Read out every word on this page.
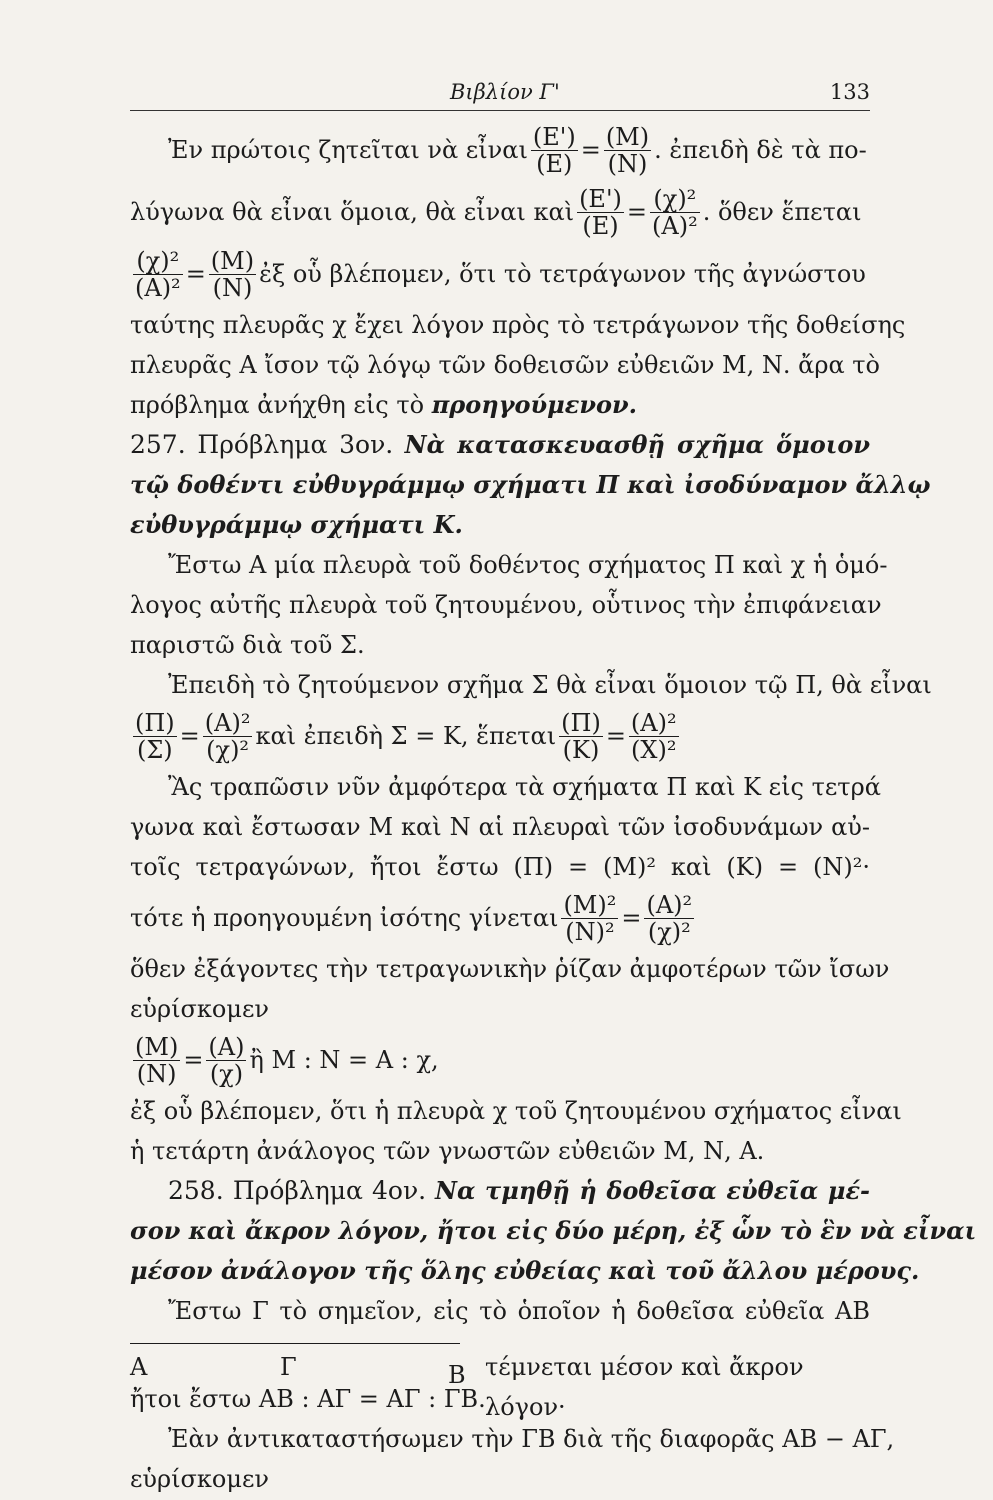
Βιβλίον Γ'	133
Ἐν πρώτοις ζητεῖται νὰ εἶναι $\frac{(E')}{(E)} = \frac{(M)}{(N)}$ . ἐπειδὴ δὲ τὰ πο-
λύγωνα θὰ εἶναι ὅμοια, θὰ εἶναι καὶ $\frac{(E')}{(E)} = \frac{\text{(χ)²}}{\text{(Α)²}}$ . ὅθεν ἕπεται
$\frac{\text{(χ)²}}{\text{(Α)²}} = \frac{(M)}{(N)}$ ἐξ οὗ βλέπομεν, ὅτι τὸ τετράγωνον τῆς ἀγνώστου
ταύτης πλευρᾶς χ ἔχει λόγον πρὸς τὸ τετράγωνον τῆς δοθείσης
πλευρᾶς Α ἴσον τῷ λόγῳ τῶν δοθεισῶν εὐθειῶν Μ, Ν. ἄρα τὸ
πρόβλημα ἀνήχθη εἰς τὸ προηγούμενον.
257. Πρόβλημα 3ον. Νὰ κατασκευασθῇ σχῆμα ὅμοιον
τῷ δοθέντι εὐθυγράμμῳ σχήματι Π καὶ ἰσοδύναμον ἄλλῳ
εὐθυγράμμῳ σχήματι Κ.
Ἔστω Α μία πλευρὰ τοῦ δοθέντος σχήματος Π καὶ χ ἡ ὁμό-
λογος αὐτῆς πλευρὰ τοῦ ζητουμένου, οὗτινος τὴν ἐπιφάνειαν
παριστῶ διὰ τοῦ Σ.
Ἐπειδὴ τὸ ζητούμενον σχῆμα Σ θὰ εἶναι ὅμοιον τῷ Π, θὰ εἶναι
$\frac{(\Pi)}{(\Sigma)} = \frac{\text{(Α)²}}{\text{(χ)²}}$ καὶ ἐπειδὴ Σ = Κ, ἕπεται $\frac{(\Pi)}{(K)} = \frac{\text{(Α)²}}{\text{(Χ)²}}$
Ἂς τραπῶσιν νῦν ἀμφότερα τὰ σχήματα Π καὶ Κ εἰς τετρά
γωνα καὶ ἔστωσαν Μ καὶ Ν αἱ πλευραὶ τῶν ἰσοδυνάμων αὐ-
τοῖς τετραγώνων, ἤτοι ἔστω (Π) = (Μ)² καὶ (Κ) = (Ν)²·
τότε ἡ προηγουμένη ἰσότης γίνεται $\frac{\text{(Μ)²}}{\text{(Ν)²}} = \frac{\text{(Α)²}}{\text{(χ)²}}$
ὅθεν ἐξάγοντες τὴν τετραγωνικὴν ῥίζαν ἀμφοτέρων τῶν ἴσων
εὑρίσκομεν
$\frac{(M)}{(N)} = \frac{(A)}{(\chi)}$ ἢ Μ : Ν = Α : χ,
ἐξ οὗ βλέπομεν, ὅτι ἡ πλευρὰ χ τοῦ ζητουμένου σχήματος εἶναι
ἡ τετάρτη ἀνάλογος τῶν γνωστῶν εὐθειῶν Μ, Ν, Α.
258. Πρόβλημα 4ον. Να τμηθῇ ἡ δοθεῖσα εὐθεῖα μέ-
σον καὶ ἄκρον λόγον, ἤτοι εἰς δύο μέρη, ἐξ ὧν τὸ ἓν νὰ εἶναι
μέσον ἀνάλογον τῆς ὅλης εὐθείας καὶ τοῦ ἄλλου μέρους.
Ἔστω Γ τὸ σημεῖον, εἰς τὸ ὁποῖον ἡ δοθεῖσα εὐθεῖα ΑΒ
Α	Γ	Β τέμνεται μέσον καὶ ἄκρον λόγον·
ἤτοι ἔστω ΑΒ : ΑΓ = ΑΓ : ΓΒ.
Ἐὰν ἀντικαταστήσωμεν τὴν ΓΒ διὰ τῆς διαφορᾶς ΑΒ − ΑΓ,
εὑρίσκομεν
